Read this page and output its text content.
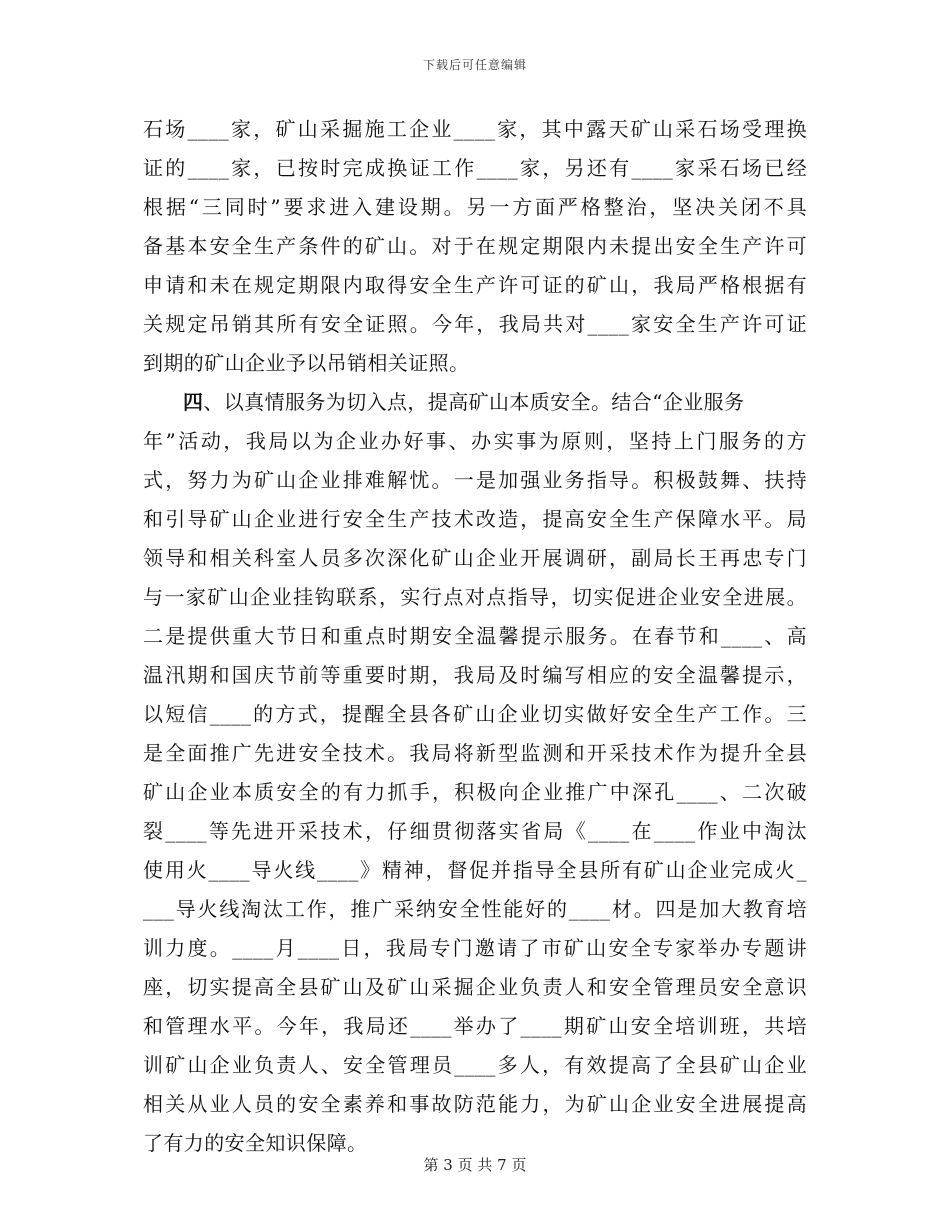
下载后可任意编辑
石场____家，矿山采掘施工企业____家，其中露天矿山采石场受理换
证的____家，已按时完成换证工作____家，另还有____家采石场已经
根据“三同时”要求进入建设期。另一方面严格整治，坚决关闭不具
备基本安全生产条件的矿山。对于在规定期限内未提出安全生产许可
申请和未在规定期限内取得安全生产许可证的矿山，我局严格根据有
关规定吊销其所有安全证照。今年，我局共对____家安全生产许可证
到期的矿山企业予以吊销相关证照。
四、以真情服务为切入点，提高矿山本质安全。结合“企业服务
年”活动，我局以为企业办好事、办实事为原则，坚持上门服务的方
式，努力为矿山企业排难解忧。一是加强业务指导。积极鼓舞、扶持
和引导矿山企业进行安全生产技术改造，提高安全生产保障水平。局
领导和相关科室人员多次深化矿山企业开展调研，副局长王再忠专门
与一家矿山企业挂钩联系，实行点对点指导，切实促进企业安全进展。
二是提供重大节日和重点时期安全温馨提示服务。在春节和____、高
温汛期和国庆节前等重要时期，我局及时编写相应的安全温馨提示，
以短信____的方式，提醒全县各矿山企业切实做好安全生产工作。三
是全面推广先进安全技术。我局将新型监测和开采技术作为提升全县
矿山企业本质安全的有力抓手，积极向企业推广中深孔____、二次破
裂____等先进开采技术，仔细贯彻落实省局《____在____作业中淘汰
使用火____导火线____》精神，督促并指导全县所有矿山企业完成火_
___导火线淘汰工作，推广采纳安全性能好的____材。四是加大教育培
训力度。____月____日，我局专门邀请了市矿山安全专家举办专题讲
座，切实提高全县矿山及矿山采掘企业负责人和安全管理员安全意识
和管理水平。今年，我局还____举办了____期矿山安全培训班，共培
训矿山企业负责人、安全管理员____多人，有效提高了全县矿山企业
相关从业人员的安全素养和事故防范能力，为矿山企业安全进展提高
了有力的安全知识保障。
第 3 页 共 7 页
